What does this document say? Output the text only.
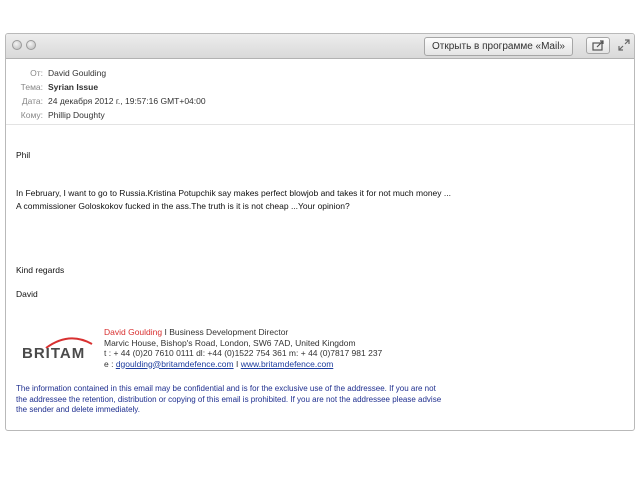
Открыть в программе «Mail»
От: David Goulding
Тема: Syrian Issue
Дата: 24 декабря 2012 г., 19:57:16 GMT+04:00
Кому: Phillip Doughty
Phil
In February, I want to go to Russia.Kristina Potupchik say makes perfect blowjob and takes it for not much money ...
A commissioner Goloskokov fucked in the ass.The truth is it is not cheap ...Your opinion?
Kind regards
David
BRITAM
David Goulding I Business Development Director
Marvic House, Bishop's Road, London, SW6 7AD, United Kingdom
t : + 44 (0)20 7610 0111 dl: +44 (0)1522 754 361 m: + 44 (0)7817 981 237
e : dgoulding@britamdefence.com I www.britamdefence.com
The information contained in this email may be confidential and is for the exclusive use of the addressee. If you are not
the addressee the retention, distribution or copying of this email is prohibited. If you are not the addressee please advise
the sender and delete immediately.
